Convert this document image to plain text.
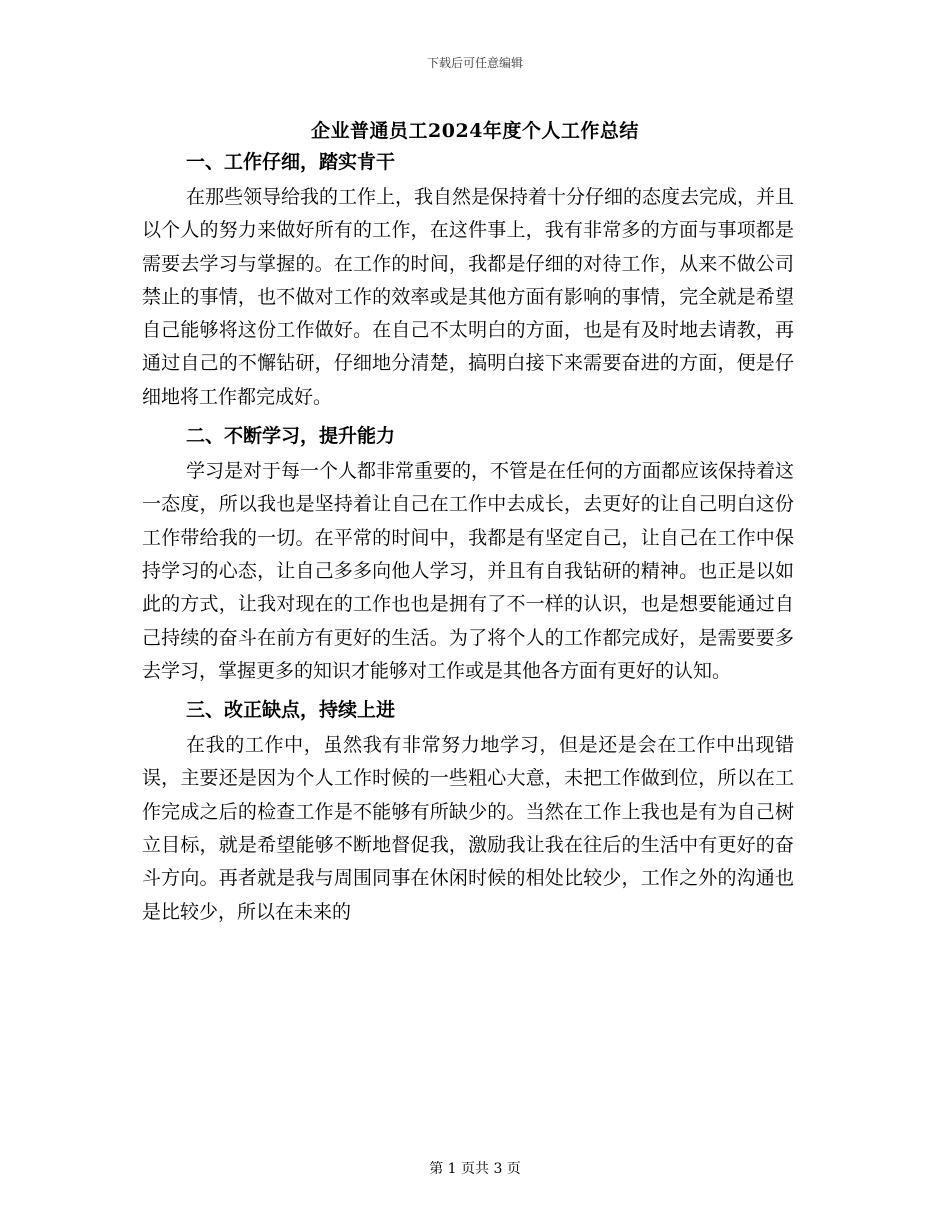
下载后可任意编辑
企业普通员工2024年度个人工作总结
一、工作仔细，踏实肯干

在那些领导给我的工作上，我自然是保持着十分仔细的态度去完成，并且以个人的努力来做好所有的工作，在这件事上，我有非常多的方面与事项都是需要去学习与掌握的。在工作的时间，我都是仔细的对待工作，从来不做公司禁止的事情，也不做对工作的效率或是其他方面有影响的事情，完全就是希望自己能够将这份工作做好。在自己不太明白的方面，也是有及时地去请教，再通过自己的不懈钻研，仔细地分清楚，搞明白接下来需要奋进的方面，便是仔细地将工作都完成好。

二、不断学习，提升能力

学习是对于每一个人都非常重要的，不管是在任何的方面都应该保持着这一态度，所以我也是坚持着让自己在工作中去成长，去更好的让自己明白这份工作带给我的一切。在平常的时间中，我都是有坚定自己，让自己在工作中保持学习的心态，让自己多多向他人学习，并且有自我钻研的精神。也正是以如此的方式，让我对现在的工作也也是拥有了不一样的认识，也是想要能通过自己持续的奋斗在前方有更好的生活。为了将个人的工作都完成好，是需要要多去学习，掌握更多的知识才能够对工作或是其他各方面有更好的认知。

三、改正缺点，持续上进

在我的工作中，虽然我有非常努力地学习，但是还是会在工作中出现错误，主要还是因为个人工作时候的一些粗心大意，未把工作做到位，所以在工作完成之后的检查工作是不能够有所缺少的。当然在工作上我也是有为自己树立目标，就是希望能够不断地督促我，激励我让我在往后的生活中有更好的奋斗方向。再者就是我与周围同事在休闲时候的相处比较少，工作之外的沟通也是比较少，所以在未来的

第 1 页共 3 页
